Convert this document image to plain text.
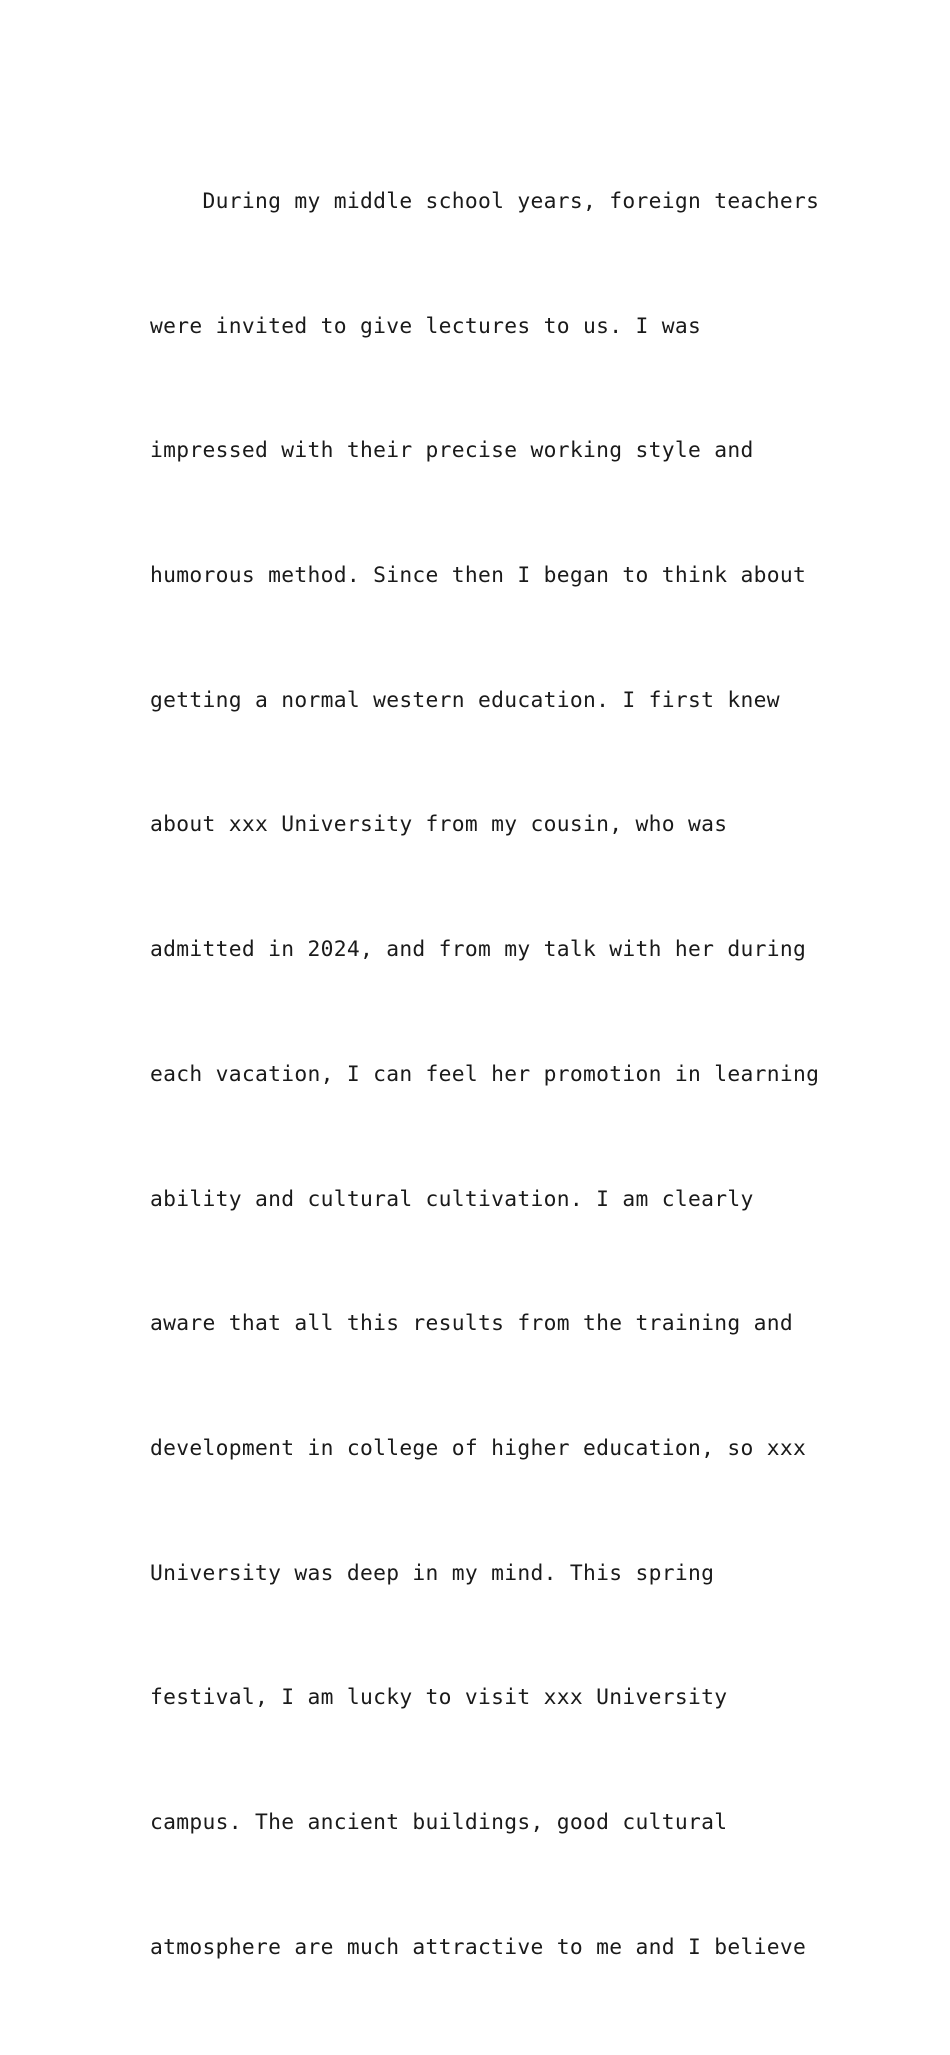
During my middle school years, foreign teachers

were invited to give lectures to us. I was

impressed with their precise working style and

humorous method. Since then I began to think about

getting a normal western education. I first knew

about xxx University from my cousin, who was

admitted in 2024, and from my talk with her during

each vacation, I can feel her promotion in learning

ability and cultural cultivation. I am clearly

aware that all this results from the training and

development in college of higher education, so xxx

University was deep in my mind. This spring

festival, I am lucky to visit xxx University

campus. The ancient buildings, good cultural

atmosphere are much attractive to me and I believe
